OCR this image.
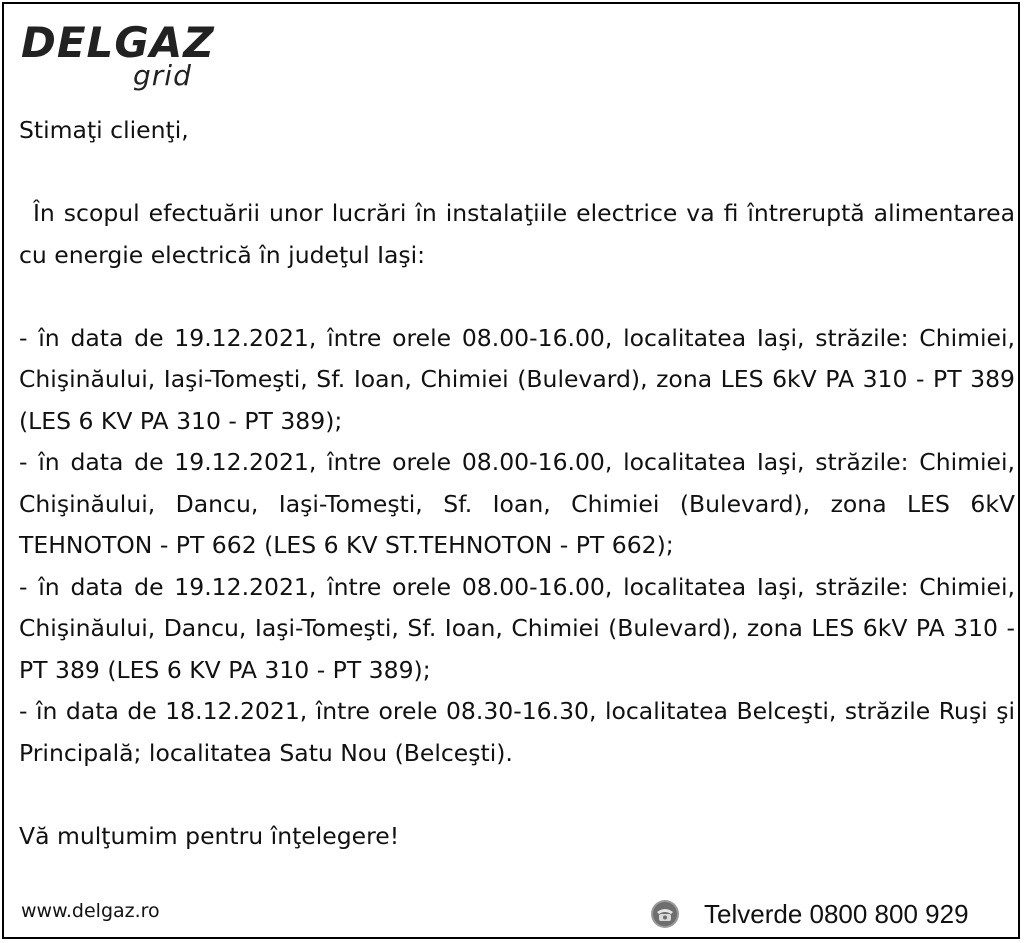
DELGAZ
grid

Stimaţi clienţi,

În scopul efectuării unor lucrări în instalaţiile electrice va fi întreruptă alimentarea cu energie electrică în judeţul Iaşi:

- în data de 19.12.2021, între orele 08.00-16.00, localitatea Iaşi, străzile: Chimiei, Chişinăului, Iaşi-Tomeşti, Sf. Ioan, Chimiei (Bulevard), zona LES 6kV PA 310 - PT 389 (LES 6 KV PA 310 - PT 389);

- în data de 19.12.2021, între orele 08.00-16.00, localitatea Iaşi, străzile: Chimiei, Chişinăului, Dancu, Iaşi-Tomeşti, Sf. Ioan, Chimiei (Bulevard), zona LES 6kV TEHNOTON - PT 662 (LES 6 KV ST.TEHNOTON - PT 662);

- în data de 19.12.2021, între orele 08.00-16.00, localitatea Iaşi, străzile: Chimiei, Chişinăului, Dancu, Iaşi-Tomeşti, Sf. Ioan, Chimiei (Bulevard), zona LES 6kV PA 310 - PT 389 (LES 6 KV PA 310 - PT 389);

- în data de 18.12.2021, între orele 08.30-16.30, localitatea Belceşti, străzile Ruşi şi Principală; localitatea Satu Nou (Belceşti).

Vă mulţumim pentru înţelegere!

www.delgaz.ro	Telverde 0800 800 929
